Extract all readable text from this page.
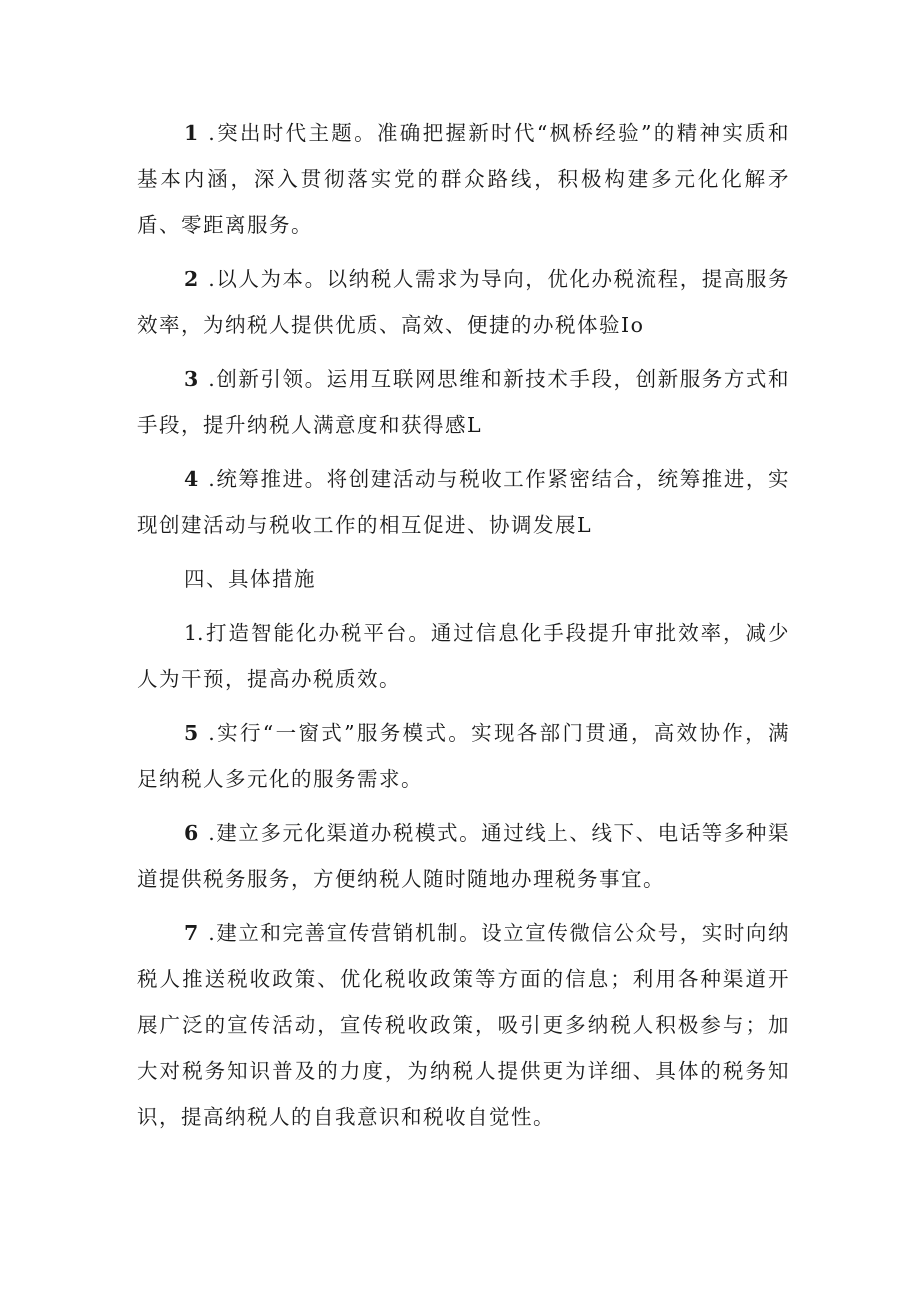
1 .突出时代主题。准确把握新时代“枫桥经验”的精神实质和基本内涵，深入贯彻落实党的群众路线，积极构建多元化化解矛盾、零距离服务。

2 .以人为本。以纳税人需求为导向，优化办税流程，提高服务效率，为纳税人提供优质、高效、便捷的办税体验Io

3 .创新引领。运用互联网思维和新技术手段，创新服务方式和手段，提升纳税人满意度和获得感L

4 .统筹推进。将创建活动与税收工作紧密结合，统筹推进，实现创建活动与税收工作的相互促进、协调发展L

四、具体措施

1.打造智能化办税平台。通过信息化手段提升审批效率，减少人为干预，提高办税质效。

5 .实行“一窗式”服务模式。实现各部门贯通，高效协作，满足纳税人多元化的服务需求。

6 .建立多元化渠道办税模式。通过线上、线下、电话等多种渠道提供税务服务，方便纳税人随时随地办理税务事宜。

7 .建立和完善宣传营销机制。设立宣传微信公众号，实时向纳税人推送税收政策、优化税收政策等方面的信息；利用各种渠道开展广泛的宣传活动，宣传税收政策，吸引更多纳税人积极参与；加大对税务知识普及的力度，为纳税人提供更为详细、具体的税务知识，提高纳税人的自我意识和税收自觉性。
